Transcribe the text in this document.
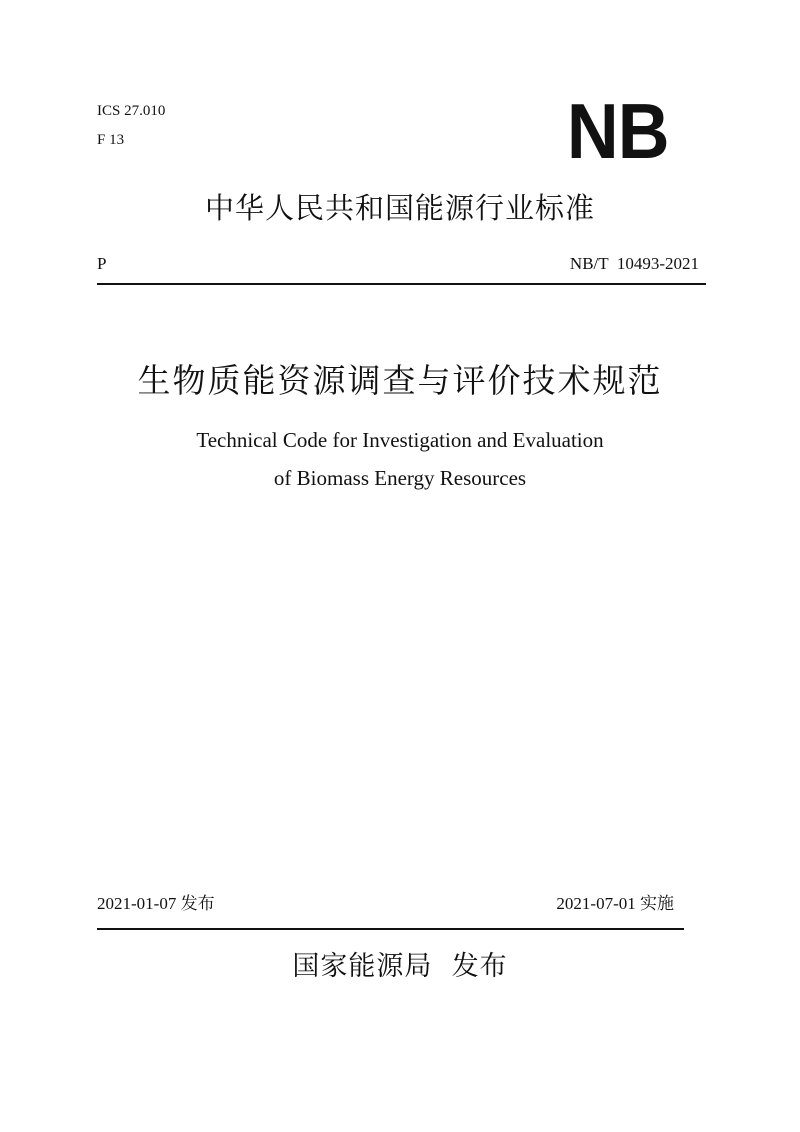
ICS 27.010
F 13	NB
中华人民共和国能源行业标准
P	NB/T  10493-2021
生物质能资源调查与评价技术规范
Technical Code for Investigation and Evaluation
of Biomass Energy Resources
2021-01-07 发布	2021-07-01 实施
国家能源局  发布
